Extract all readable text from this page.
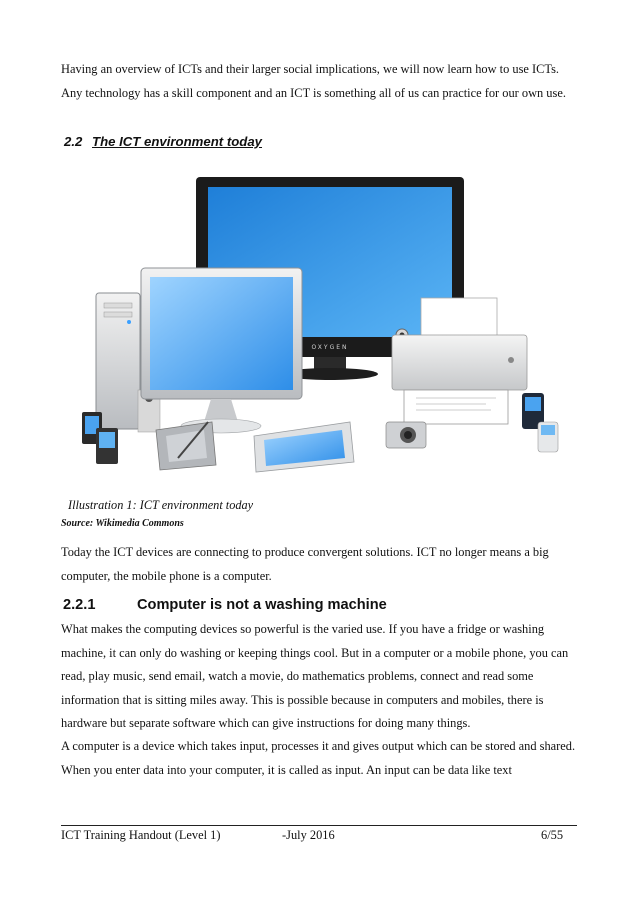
Having an overview of ICTs and their larger social implications, we will now learn how to use ICTs. Any technology has a skill component and an ICT is something all of us can practice for our own use.

2.2 The ICT environment today
OXYGEN
Illustration 1: ICT environment today
Source: Wikimedia Commons

Today the ICT devices are connecting to produce convergent solutions. ICT no longer means a big computer, the mobile phone is a computer.

2.2.1	Computer is not a washing machine

What makes the computing devices so powerful is the varied use. If you have a fridge or washing machine, it can only do washing or keeping things cool. But in a computer or a mobile phone, you can read, play music, send email, watch a movie, do mathematics problems, connect and read some information that is sitting miles away. This is possible because in computers and mobiles, there is hardware but separate software which can give instructions for doing many things.

A computer is a device which takes input, processes it and gives output which can be stored and shared. When you enter data into your computer, it is called as input. An input can be data like text

ICT Training Handout (Level 1)	-July 2016	6/55
